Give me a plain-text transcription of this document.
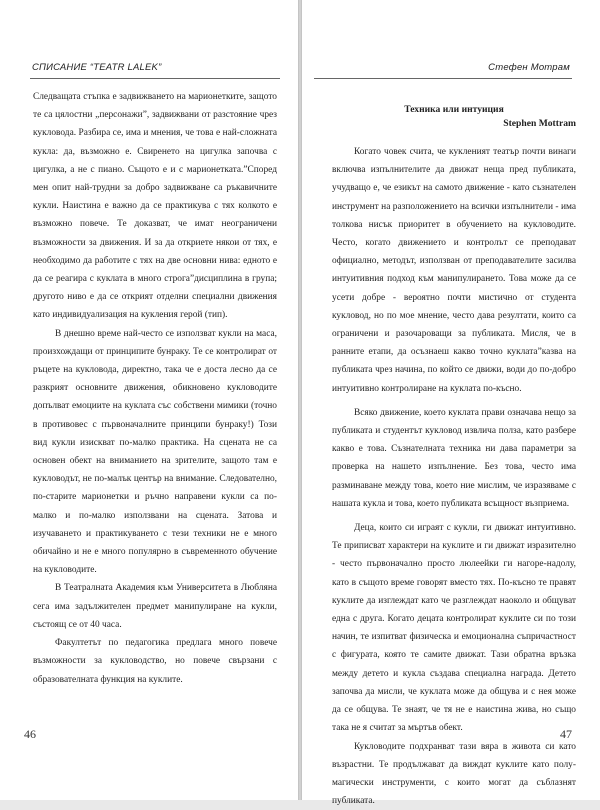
СПИСАНИЕ “TEATR LALEK”

Следващата стъпка е задвижването на марионетките, защото те са цялостни „персонажи”, задвижвани от разстояние чрез кукловода. Разбира се, има и мнения, че това е най-сложната кукла: да, възможно е. Свиренето на цигулка започва с цигулка, а не с пиано. Същото е и с марионетката.”Според мен опит най-трудни за добро задвижване са ръкавичните кукли. Наистина е важно да се практикува с тях колкото е възможно повече. Те доказват, че имат неограничени възможности за движения. И за да откриете някои от тях, е необходимо да работите с тях на две основни нива: едното е да се реагира с куклата в много строга”дисциплина в група; другото ниво е да се открият отделни специални движения като индивидуализация на кукления герой (тип).

В днешно време най-често се използват кукли на маса, произхождащи от принципите бунраку. Те се контролират от ръцете на кукловода, директно, така че е доста лесно да се разкрият основните движения, обикновено кукловодите допълват емоциите на куклата със собствени мимики (точно в противовес с първоначалните принципи бунраку!) Този вид кукли изискват по-малко практика. На сцената не са основен обект на вниманието на зрителите, защото там е кукловодът, не по-малък център на внимание. Следователно, по-старите марионетки и ръчно направени кукли са по-малко и по-малко използвани на сцената. Затова и изучаването и практикуването с тези техники не е много обичайно и не е много популярно в съвременното обучение на кукловодите.

В Театралната Академия към Университета в Любляна сега има задължителен предмет манипулиране на кукли, състоящ се от 40 часа.

Факултетът по педагогика предлага много повече възможности за кукловодство, но повече свързани с образователната функция на куклите.

46
Стефен Мотрам
Техника или интуиция
Stephen Mottram

Когато човек счита, че кукленият театър почти винаги включва изпълнителите да движат неща пред публиката, учудващо е, че езикът на самото движение - като съзнателен инструмент на разположението на всички изпълнители - има толкова нисък приоритет в обучението на кукловодите. Често, когато движението и контролът се преподават официално, методът, използван от преподавателите засилва интуитивния подход към манипулирането. Това може да се усети добре - вероятно почти мистично от студента кукловод, но по мое мнение, често дава резултати, които са ограничени и разочароващи за публиката. Мисля, че в ранните етапи, да осъзнаеш какво точно куклата”казва на публиката чрез начина, по който се движи, води до по-добро интуитивно контролиране на куклата по-късно.

Всяко движение, което куклата прави означава нещо за публиката и студентът кукловод извлича полза, като разбере какво е това. Съзнателната техника ни дава параметри за проверка на нашето изпълнение. Без това, често има разминаване между това, което ние мислим, че изразяваме с нашата кукла и това, което публиката всъщност възприема.

Деца, които си играят с кукли, ги движат интуитивно. Те приписват характери на куклите и ги движат изразително - често първоначално просто люлеейки ги нагоре-надолу, като в същото време говорят вместо тях. По-късно те правят куклите да изглеждат като че разглеждат наоколо и общуват една с друга. Когато децата контролират куклите си по този начин, те изпитват физическа и емоционална съпричастност с фигурата, която те самите движат. Тази обратна връзка между детето и кукла създава специална награда. Детето започва да мисли, че куклата може да общува и с нея може да се общува. Те знаят, че тя не е наистина жива, но също така не я считат за мъртъв обект.

Кукловодите подхранват тази вяра в живота си като възрастни. Те продължават да виждат куклите като полу-магически инструменти, с които могат да съблазнят публиката.

47
